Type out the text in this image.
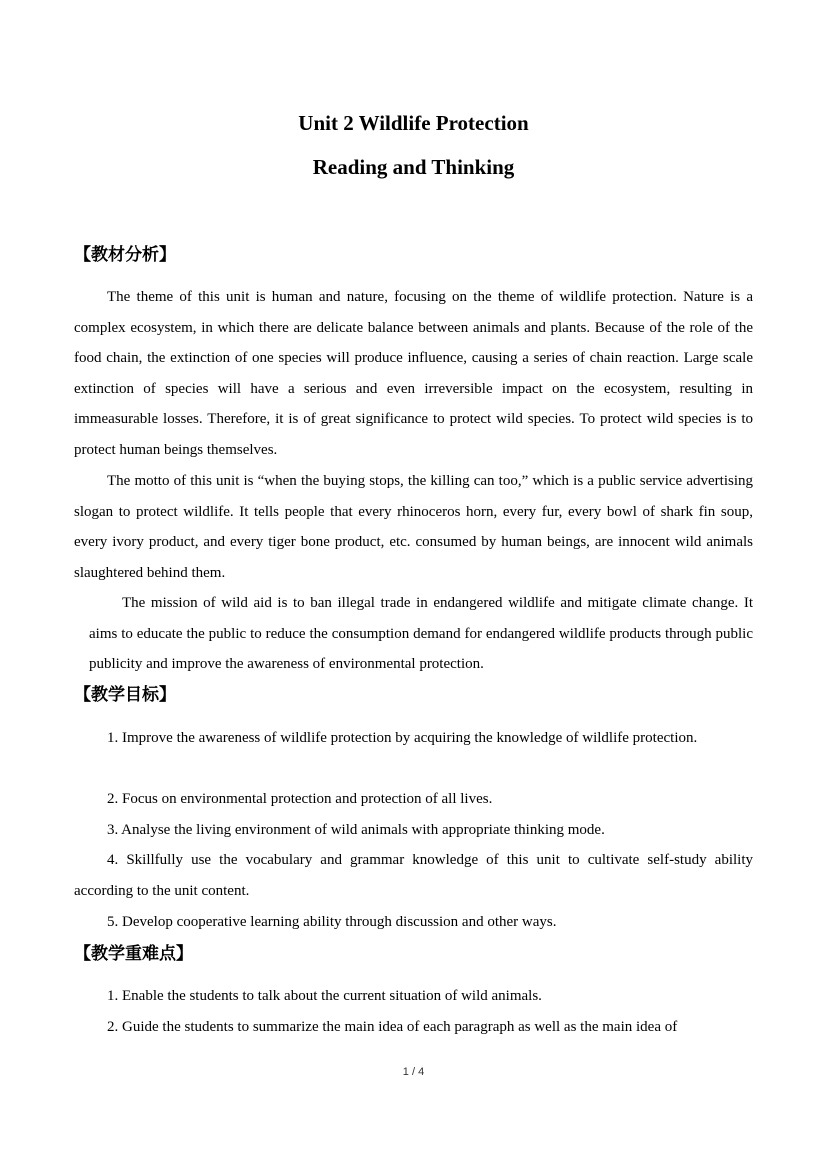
Unit 2 Wildlife Protection
Reading and Thinking
【教材分析】
The theme of this unit is human and nature, focusing on the theme of wildlife protection. Nature is a complex ecosystem, in which there are delicate balance between animals and plants. Because of the role of the food chain, the extinction of one species will produce influence, causing a series of chain reaction. Large scale extinction of species will have a serious and even irreversible impact on the ecosystem, resulting in immeasurable losses. Therefore, it is of great significance to protect wild species. To protect wild species is to protect human beings themselves.
The motto of this unit is “when the buying stops, the killing can too,” which is a public service advertising slogan to protect wildlife. It tells people that every rhinoceros horn, every fur, every bowl of shark fin soup, every ivory product, and every tiger bone product, etc. consumed by human beings, are innocent wild animals slaughtered behind them.
The mission of wild aid is to ban illegal trade in endangered wildlife and mitigate climate change. It aims to educate the public to reduce the consumption demand for endangered wildlife products through public publicity and improve the awareness of environmental protection.
【教学目标】
1. Improve the awareness of wildlife protection by acquiring the knowledge of wildlife protection.
2. Focus on environmental protection and protection of all lives.
3. Analyse the living environment of wild animals with appropriate thinking mode.
4. Skillfully use the vocabulary and grammar knowledge of this unit to cultivate self-study ability according to the unit content.
5. Develop cooperative learning ability through discussion and other ways.
【教学重难点】
1. Enable the students to talk about the current situation of wild animals.
2. Guide the students to summarize the main idea of each paragraph as well as the main idea of
1 / 4
